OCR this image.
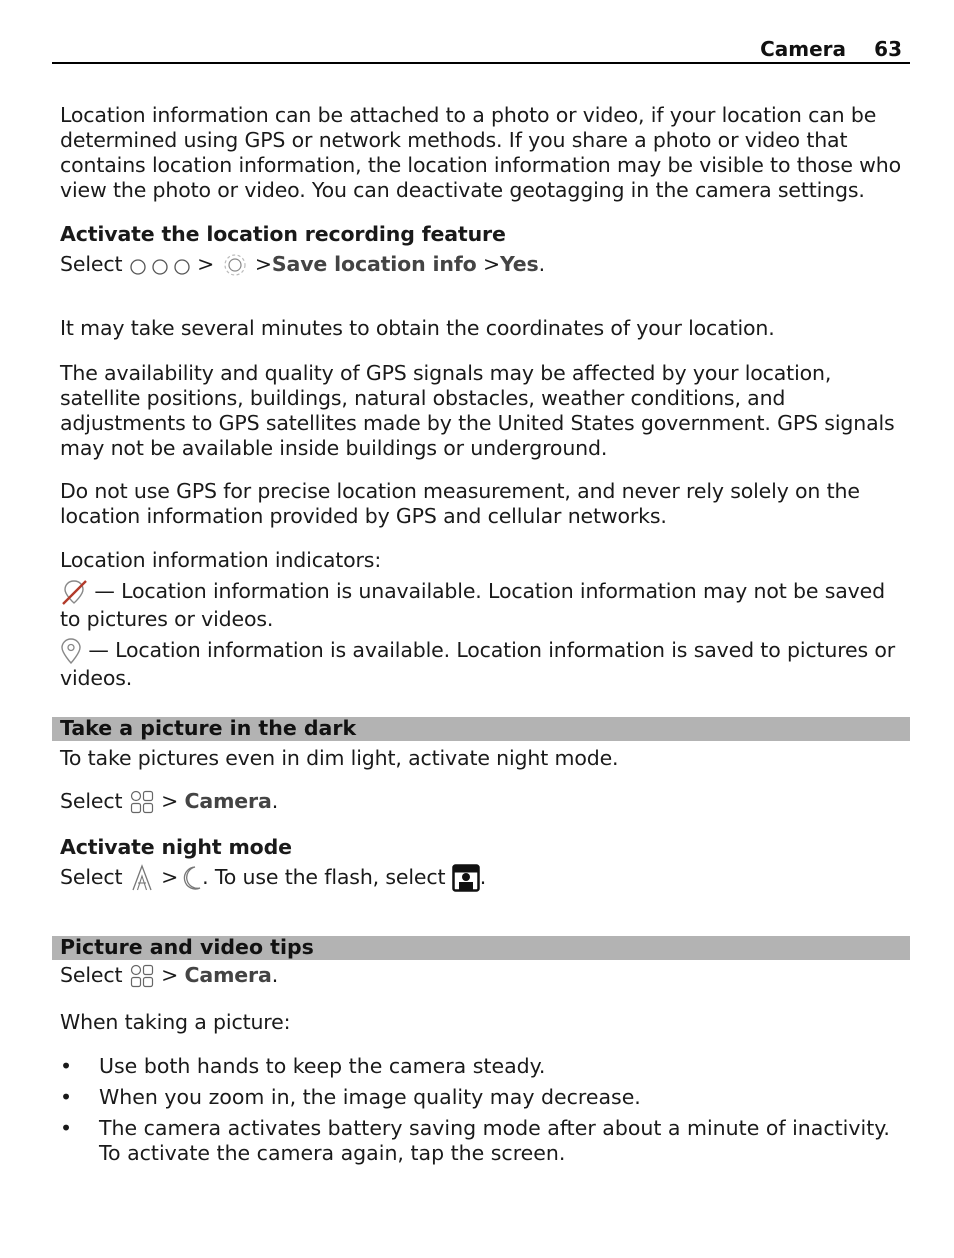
Camera 63

Location information can be attached to a photo or video, if your location can be determined using GPS or network methods. If you share a photo or video that contains location information, the location information may be visible to those who view the photo or video. You can deactivate geotagging in the camera settings.

Activate the location recording feature

Select	> >Save location info >Yes.

It may take several minutes to obtain the coordinates of your location.

The availability and quality of GPS signals may be affected by your location, satellite positions, buildings, natural obstacles, weather conditions, and adjustments to GPS satellites made by the United States government. GPS signals may not be available inside buildings or underground.

Do not use GPS for precise location measurement, and never rely solely on the location information provided by GPS and cellular networks.

Location information indicators:

— Location information is unavailable. Location information may not be saved to pictures or videos.

— Location information is available. Location information is saved to pictures or videos.

Take a picture in the dark

To take pictures even in dim light, activate night mode.

Select > Camera.

Activate night mode

Select > . To use the flash, select .

Picture and video tips

Select > Camera.

When taking a picture:

• Use both hands to keep the camera steady.

• When you zoom in, the image quality may decrease.

• The camera activates battery saving mode after about a minute of inactivity. To activate the camera again, tap the screen.
